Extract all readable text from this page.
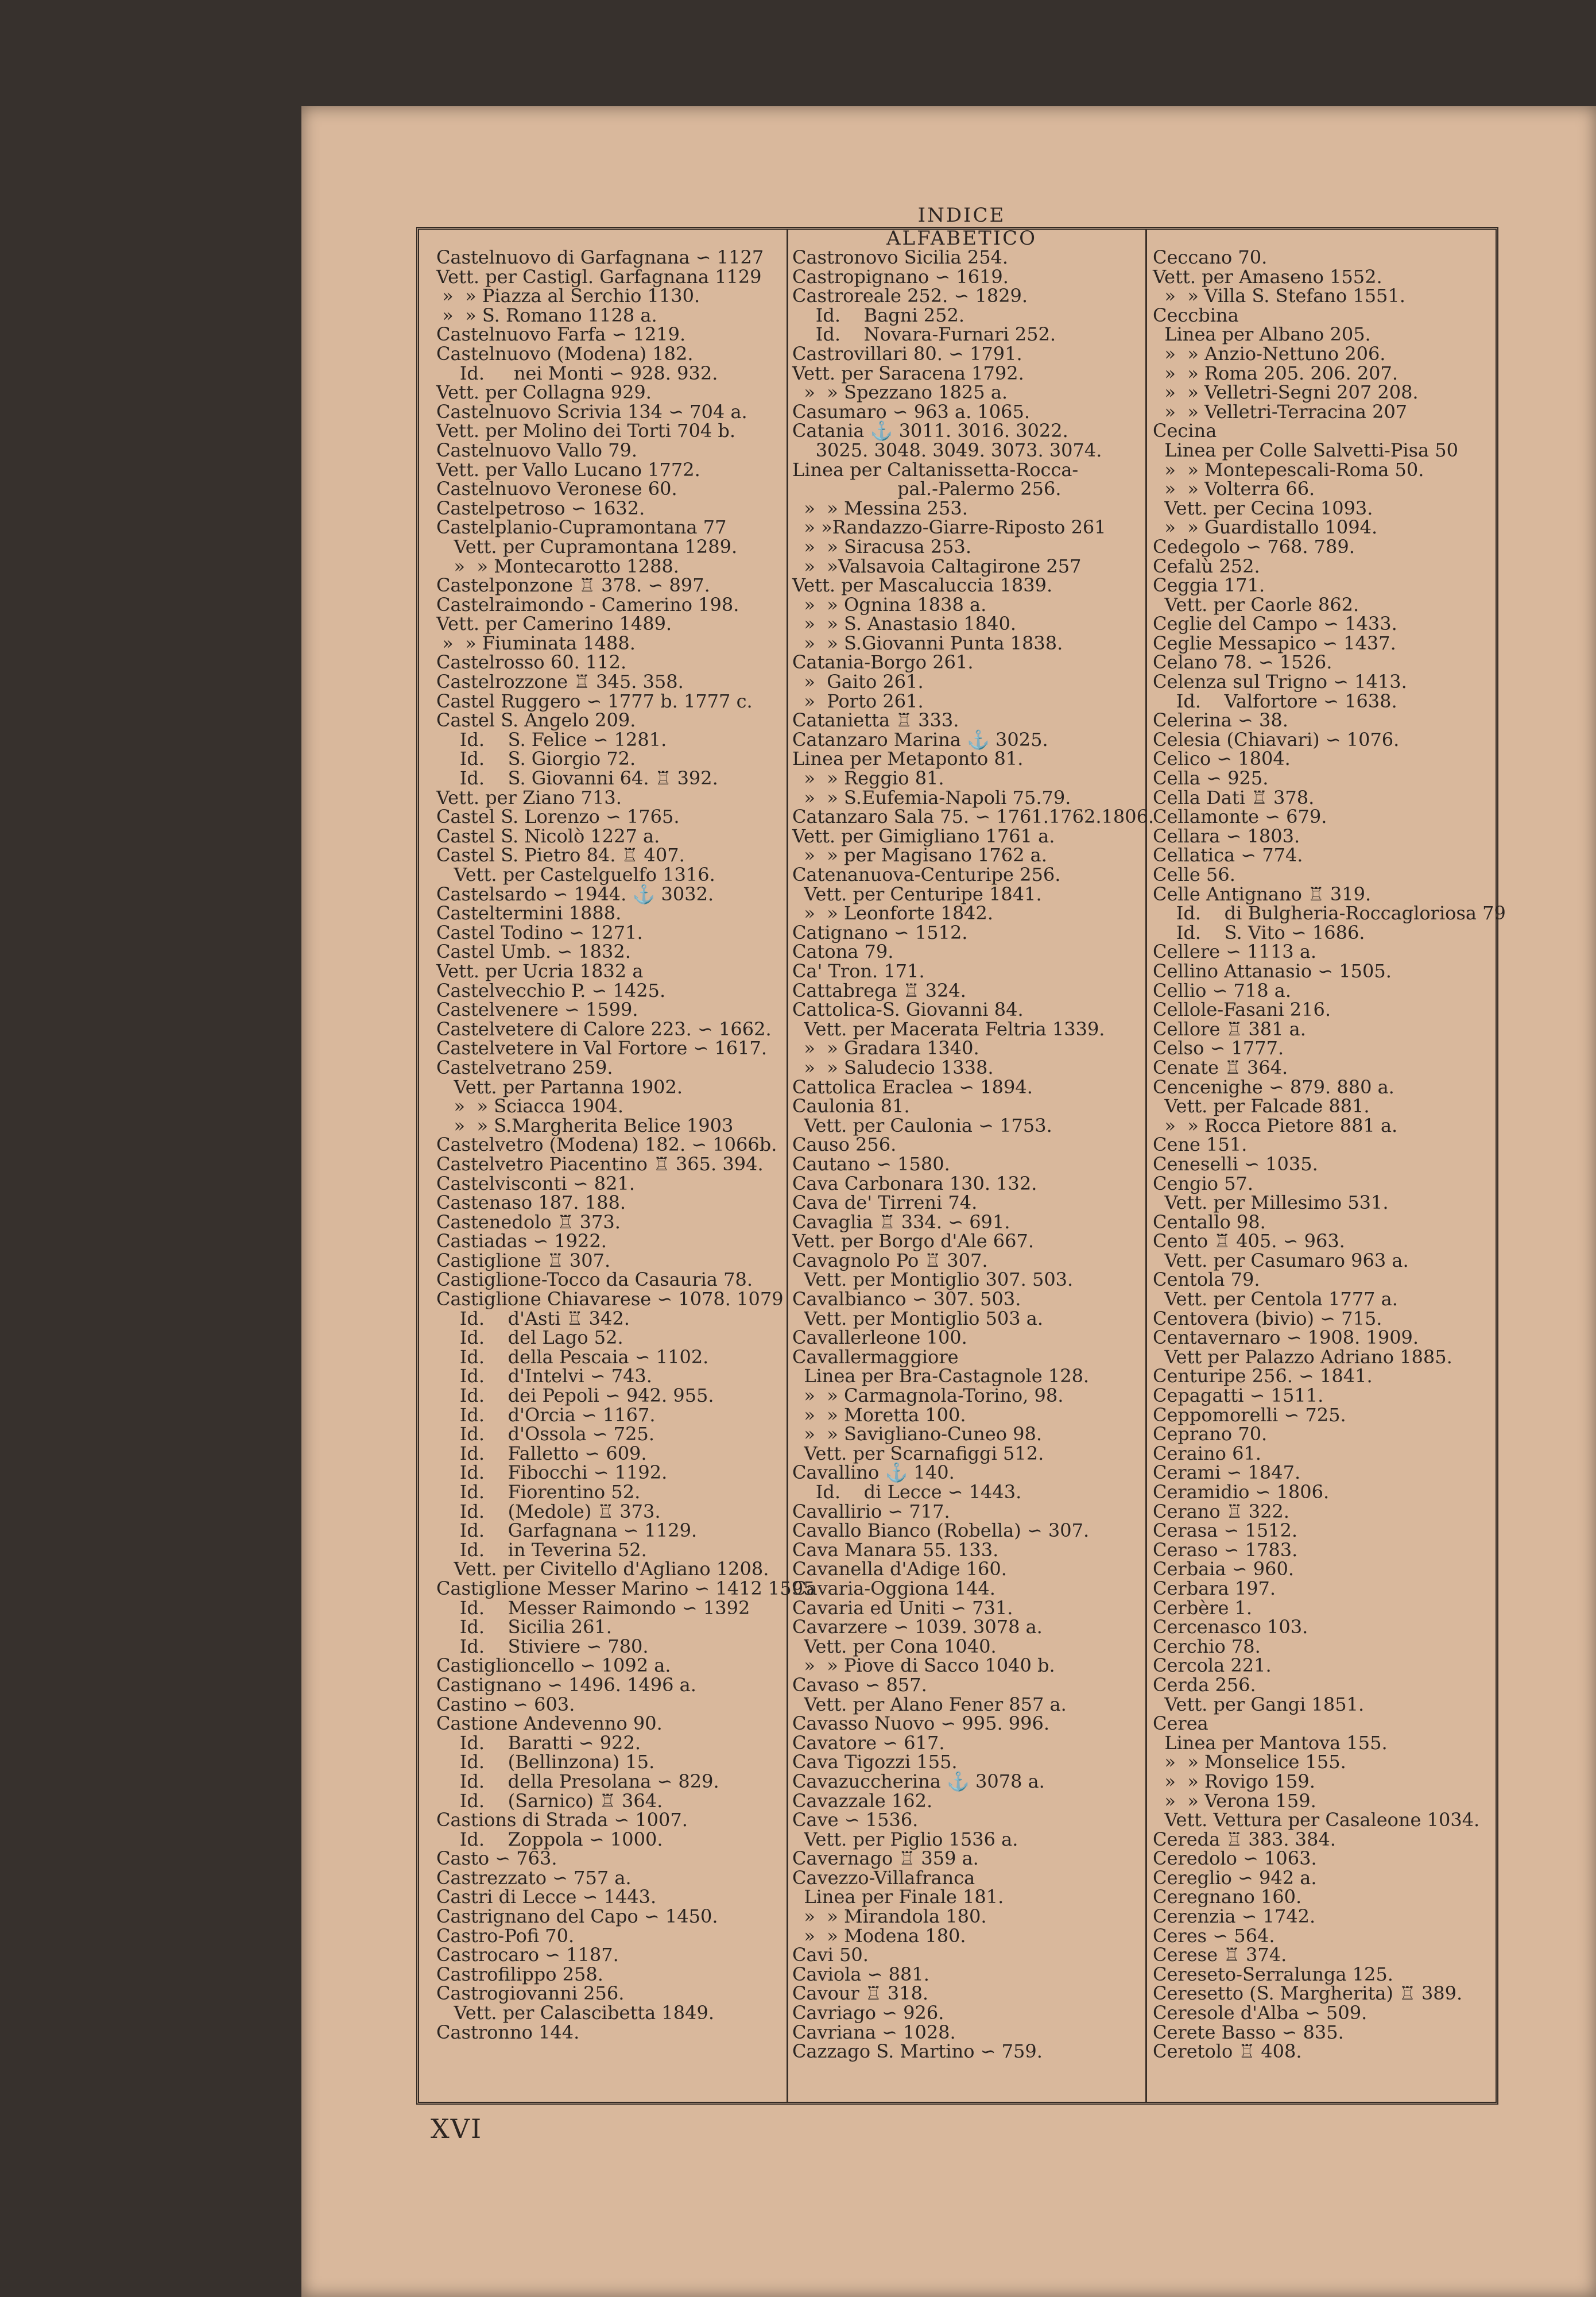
INDICE ALFABETICO
Castelnuovo di Garfagnana ∽ 1127
Vett. per Castigl. Garfagnana 1129
»  » Piazza al Serchio 1130.
»  » S. Romano 1128 a.
Castelnuovo Farfa ∽ 1219.
Castelnuovo (Modena) 182.
Id.     nei Monti ∽ 928. 932.
Vett. per Collagna 929.
Castelnuovo Scrivia 134 ∽ 704 a.
Vett. per Molino dei Torti 704 b.
Castelnuovo Vallo 79.
Vett. per Vallo Lucano 1772.
Castelnuovo Veronese 60.
Castelpetroso ∽ 1632.
Castelplanio-Cupramontana 77
Vett. per Cupramontana 1289.
»  » Montecarotto 1288.
Castelponzone ♖ 378. ∽ 897.
Castelraimondo - Camerino 198.
Vett. per Camerino 1489.
»  » Fiuminata 1488.
Castelrosso 60. 112.
Castelrozzone ♖ 345. 358.
Castel Ruggero ∽ 1777 b. 1777 c.
Castel S. Angelo 209.
Id.    S. Felice ∽ 1281.
Id.    S. Giorgio 72.
Id.    S. Giovanni 64. ♖ 392.
Vett. per Ziano 713.
Castel S. Lorenzo ∽ 1765.
Castel S. Nicolò 1227 a.
Castel S. Pietro 84. ♖ 407.
Vett. per Castelguelfo 1316.
Castelsardo ∽ 1944. ⚓ 3032.
Casteltermini 1888.
Castel Todino ∽ 1271.
Castel Umb. ∽ 1832.
Vett. per Ucria 1832 a
Castelvecchio P. ∽ 1425.
Castelvenere ∽ 1599.
Castelvetere di Calore 223. ∽ 1662.
Castelvetere in Val Fortore ∽ 1617.
Castelvetrano 259.
Vett. per Partanna 1902.
»  » Sciacca 1904.
»  » S.Margherita Belice 1903
Castelvetro (Modena) 182. ∽ 1066b.
Castelvetro Piacentino ♖ 365. 394.
Castelvisconti ∽ 821.
Castenaso 187. 188.
Castenedolo ♖ 373.
Castiadas ∽ 1922.
Castiglione ♖ 307.
Castiglione-Tocco da Casauria 78.
Castiglione Chiavarese ∽ 1078. 1079
Id.    d'Asti ♖ 342.
Id.    del Lago 52.
Id.    della Pescaia ∽ 1102.
Id.    d'Intelvi ∽ 743.
Id.    dei Pepoli ∽ 942. 955.
Id.    d'Orcia ∽ 1167.
Id.    d'Ossola ∽ 725.
Id.    Falletto ∽ 609.
Id.    Fibocchi ∽ 1192.
Id.    Fiorentino 52.
Id.    (Medole) ♖ 373.
Id.    Garfagnana ∽ 1129.
Id.    in Teverina 52.
Vett. per Civitello d'Agliano 1208.
Castiglione Messer Marino ∽ 1412 1595
Id.    Messer Raimondo ∽ 1392
Id.    Sicilia 261.
Id.    Stiviere ∽ 780.
Castiglioncello ∽ 1092 a.
Castignano ∽ 1496. 1496 a.
Castino ∽ 603.
Castione Andevenno 90.
Id.    Baratti ∽ 922.
Id.    (Bellinzona) 15.
Id.    della Presolana ∽ 829.
Id.    (Sarnico) ♖ 364.
Castions di Strada ∽ 1007.
Id.    Zoppola ∽ 1000.
Casto ∽ 763.
Castrezzato ∽ 757 a.
Castri di Lecce ∽ 1443.
Castrignano del Capo ∽ 1450.
Castro-Pofi 70.
Castrocaro ∽ 1187.
Castrofilippo 258.
Castrogiovanni 256.
Vett. per Calascibetta 1849.
Castronno 144.
Castronovo Sicilia 254.
Castropignano ∽ 1619.
Castroreale 252. ∽ 1829.
Id.    Bagni 252.
Id.    Novara-Furnari 252.
Castrovillari 80. ∽ 1791.
Vett. per Saracena 1792.
»  » Spezzano 1825 a.
Casumaro ∽ 963 a. 1065.
Catania ⚓ 3011. 3016. 3022.
3025. 3048. 3049. 3073. 3074.
Linea per Caltanissetta-Rocca-
pal.-Palermo 256.
»  » Messina 253.
» »Randazzo-Giarre-Riposto 261
»  » Siracusa 253.
»  »Valsavoia Caltagirone 257
Vett. per Mascaluccia 1839.
»  » Ognina 1838 a.
»  » S. Anastasio 1840.
»  » S.Giovanni Punta 1838.
Catania-Borgo 261.
»  Gaito 261.
»  Porto 261.
Catanietta ♖ 333.
Catanzaro Marina ⚓ 3025.
Linea per Metaponto 81.
»  » Reggio 81.
»  » S.Eufemia-Napoli 75.79.
Catanzaro Sala 75. ∽ 1761.1762.1806.
Vett. per Gimigliano 1761 a.
»  » per Magisano 1762 a.
Catenanuova-Centuripe 256.
Vett. per Centuripe 1841.
»  » Leonforte 1842.
Catignano ∽ 1512.
Catona 79.
Ca' Tron. 171.
Cattabrega ♖ 324.
Cattolica-S. Giovanni 84.
Vett. per Macerata Feltria 1339.
»  » Gradara 1340.
»  » Saludecio 1338.
Cattolica Eraclea ∽ 1894.
Caulonia 81.
Vett. per Caulonia ∽ 1753.
Causo 256.
Cautano ∽ 1580.
Cava Carbonara 130. 132.
Cava de' Tirreni 74.
Cavaglia ♖ 334. ∽ 691.
Vett. per Borgo d'Ale 667.
Cavagnolo Po ♖ 307.
Vett. per Montiglio 307. 503.
Cavalbianco ∽ 307. 503.
Vett. per Montiglio 503 a.
Cavallerleone 100.
Cavallermaggiore
Linea per Bra-Castagnole 128.
»  » Carmagnola-Torino, 98.
»  » Moretta 100.
»  » Savigliano-Cuneo 98.
Vett. per Scarnafiggi 512.
Cavallino ⚓ 140.
Id.    di Lecce ∽ 1443.
Cavallirio ∽ 717.
Cavallo Bianco (Robella) ∽ 307.
Cava Manara 55. 133.
Cavanella d'Adige 160.
Cavaria-Oggiona 144.
Cavaria ed Uniti ∽ 731.
Cavarzere ∽ 1039. 3078 a.
Vett. per Cona 1040.
»  » Piove di Sacco 1040 b.
Cavaso ∽ 857.
Vett. per Alano Fener 857 a.
Cavasso Nuovo ∽ 995. 996.
Cavatore ∽ 617.
Cava Tigozzi 155.
Cavazuccherina ⚓ 3078 a.
Cavazzale 162.
Cave ∽ 1536.
Vett. per Piglio 1536 a.
Cavernago ♖ 359 a.
Cavezzo-Villafranca
Linea per Finale 181.
»  » Mirandola 180.
»  » Modena 180.
Cavi 50.
Caviola ∽ 881.
Cavour ♖ 318.
Cavriago ∽ 926.
Cavriana ∽ 1028.
Cazzago S. Martino ∽ 759.
Ceccano 70.
Vett. per Amaseno 1552.
»  » Villa S. Stefano 1551.
Ceccbina
Linea per Albano 205.
»  » Anzio-Nettuno 206.
»  » Roma 205. 206. 207.
»  » Velletri-Segni 207 208.
»  » Velletri-Terracina 207
Cecina
Linea per Colle Salvetti-Pisa 50
»  » Montepescali-Roma 50.
»  » Volterra 66.
Vett. per Cecina 1093.
»  » Guardistallo 1094.
Cedegolo ∽ 768. 789.
Cefalù 252.
Ceggia 171.
Vett. per Caorle 862.
Ceglie del Campo ∽ 1433.
Ceglie Messapico ∽ 1437.
Celano 78. ∽ 1526.
Celenza sul Trigno ∽ 1413.
Id.    Valfortore ∽ 1638.
Celerina ∽ 38.
Celesia (Chiavari) ∽ 1076.
Celico ∽ 1804.
Cella ∽ 925.
Cella Dati ♖ 378.
Cellamonte ∽ 679.
Cellara ∽ 1803.
Cellatica ∽ 774.
Celle 56.
Celle Antignano ♖ 319.
Id.    di Bulgheria-Roccagloriosa 79
Id.    S. Vito ∽ 1686.
Cellere ∽ 1113 a.
Cellino Attanasio ∽ 1505.
Cellio ∽ 718 a.
Cellole-Fasani 216.
Cellore ♖ 381 a.
Celso ∽ 1777.
Cenate ♖ 364.
Cencenighe ∽ 879. 880 a.
Vett. per Falcade 881.
»  » Rocca Pietore 881 a.
Cene 151.
Ceneselli ∽ 1035.
Cengio 57.
Vett. per Millesimo 531.
Centallo 98.
Cento ♖ 405. ∽ 963.
Vett. per Casumaro 963 a.
Centola 79.
Vett. per Centola 1777 a.
Centovera (bivio) ∽ 715.
Centavernaro ∽ 1908. 1909.
Vett per Palazzo Adriano 1885.
Centuripe 256. ∽ 1841.
Cepagatti ∽ 1511.
Ceppomorelli ∽ 725.
Ceprano 70.
Ceraino 61.
Cerami ∽ 1847.
Ceramidio ∽ 1806.
Cerano ♖ 322.
Cerasa ∽ 1512.
Ceraso ∽ 1783.
Cerbaia ∽ 960.
Cerbara 197.
Cerbère 1.
Cercenasco 103.
Cerchio 78.
Cercola 221.
Cerda 256.
Vett. per Gangi 1851.
Cerea
Linea per Mantova 155.
»  » Monselice 155.
»  » Rovigo 159.
»  » Verona 159.
Vett. Vettura per Casaleone 1034.
Cereda ♖ 383. 384.
Ceredolo ∽ 1063.
Cereglio ∽ 942 a.
Ceregnano 160.
Cerenzia ∽ 1742.
Ceres ∽ 564.
Cerese ♖ 374.
Cereseto-Serralunga 125.
Ceresetto (S. Margherita) ♖ 389.
Ceresole d'Alba ∽ 509.
Cerete Basso ∽ 835.
Ceretolo ♖ 408.
XVI
